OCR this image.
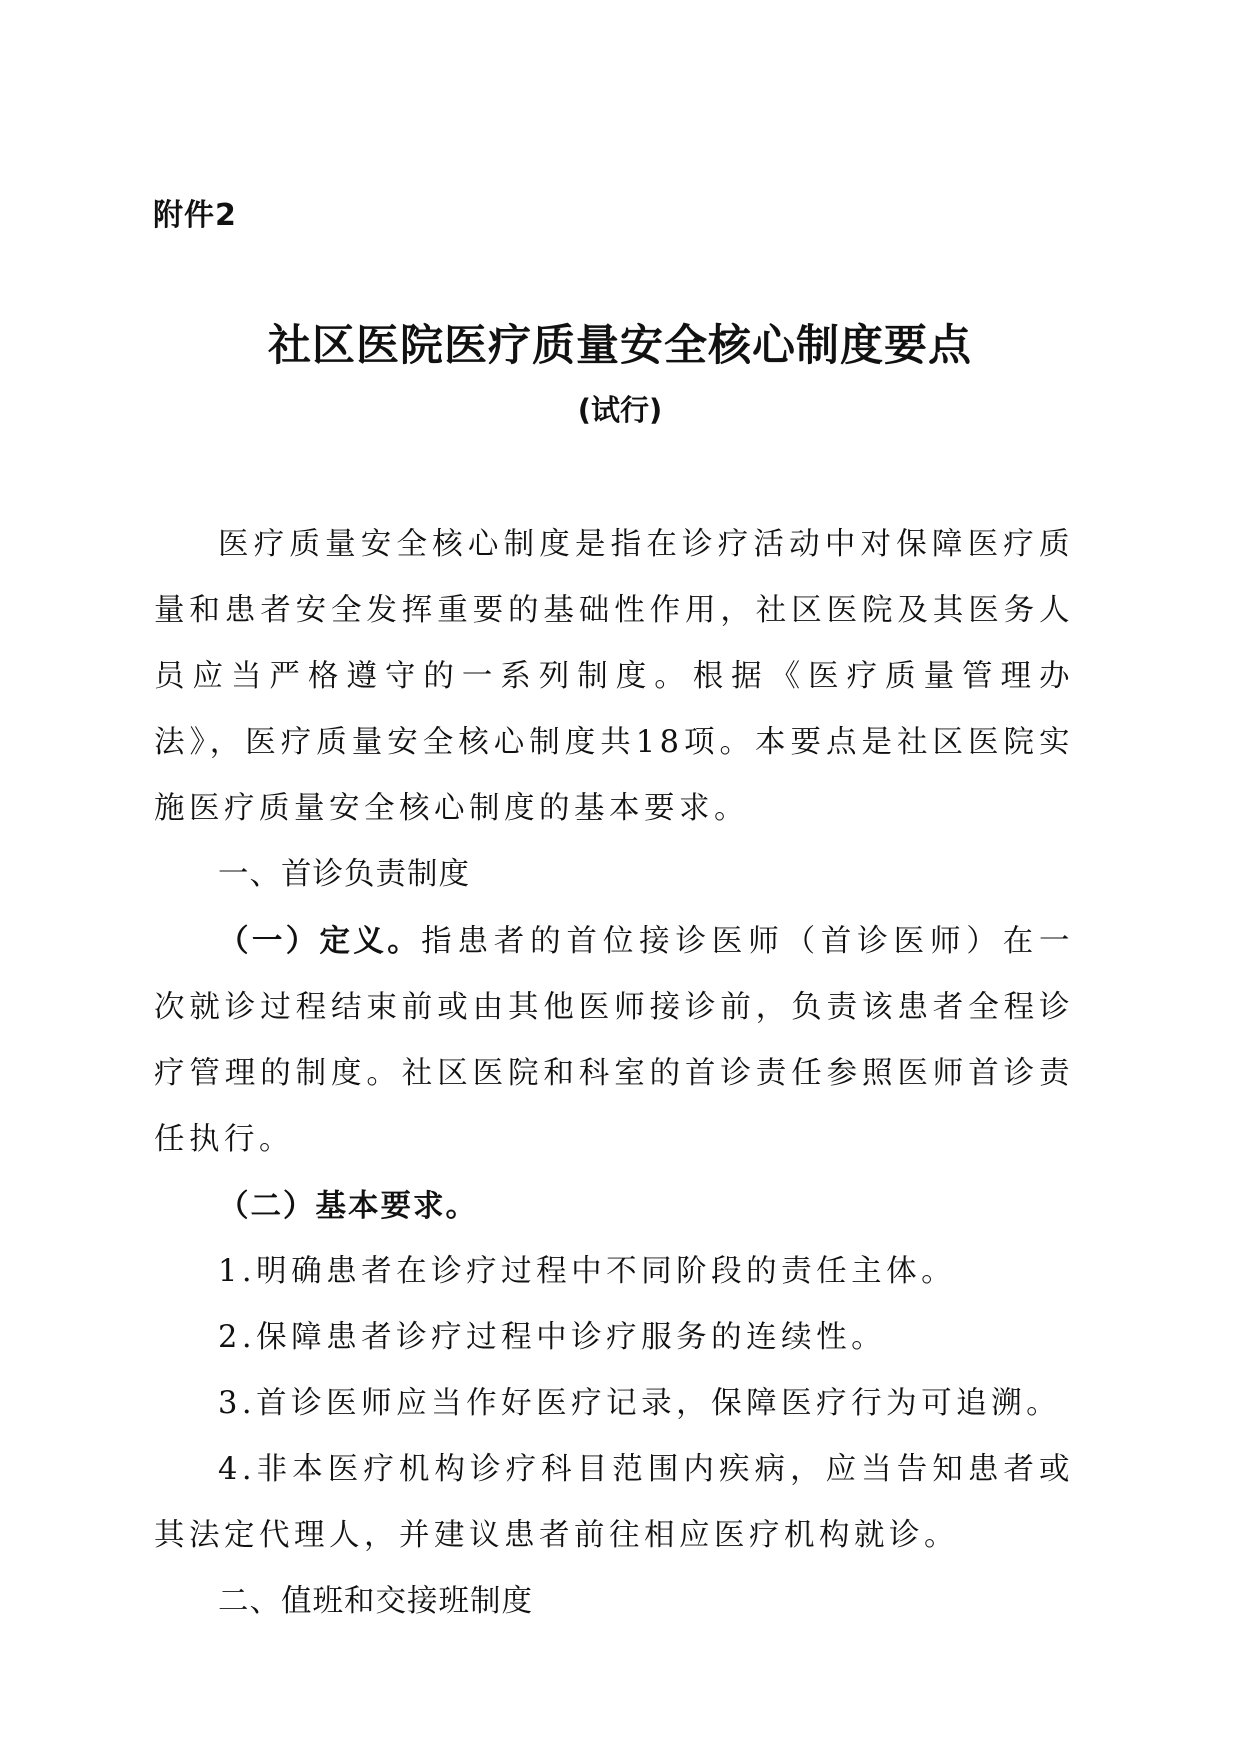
附件2
社区医院医疗质量安全核心制度要点
(试行)

医疗质量安全核心制度是指在诊疗活动中对保障医疗质量和患者安全发挥重要的基础性作用，社区医院及其医务人员应当严格遵守的一系列制度。根据《医疗质量管理办法》，医疗质量安全核心制度共18项。本要点是社区医院实施医疗质量安全核心制度的基本要求。

一、首诊负责制度

（一）定义。指患者的首位接诊医师（首诊医师）在一次就诊过程结束前或由其他医师接诊前，负责该患者全程诊疗管理的制度。社区医院和科室的首诊责任参照医师首诊责任执行。

（二）基本要求。

1.明确患者在诊疗过程中不同阶段的责任主体。

2.保障患者诊疗过程中诊疗服务的连续性。

3.首诊医师应当作好医疗记录，保障医疗行为可追溯。

4.非本医疗机构诊疗科目范围内疾病，应当告知患者或其法定代理人，并建议患者前往相应医疗机构就诊。

二、值班和交接班制度
